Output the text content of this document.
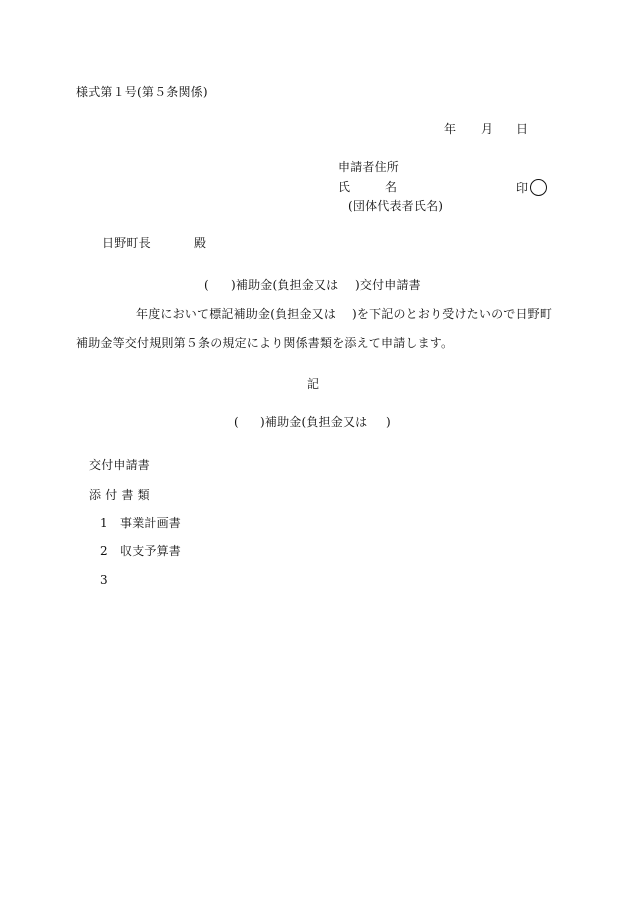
様式第１号(第５条関係)
年 月 日
申請者住所
氏	名	印
(団体代表者氏名)
日野町長	殿
( )補助金(負担金又は )交付申請書
年度において標記補助金(負担金又は )を下記のとおり受けたいので日野町
補助金等交付規則第５条の規定により関係書類を添えて申請します。
記
( )補助金(負担金又は )
交付申請書
添 付 書 類
1 事業計画書
2 収支予算書
3
